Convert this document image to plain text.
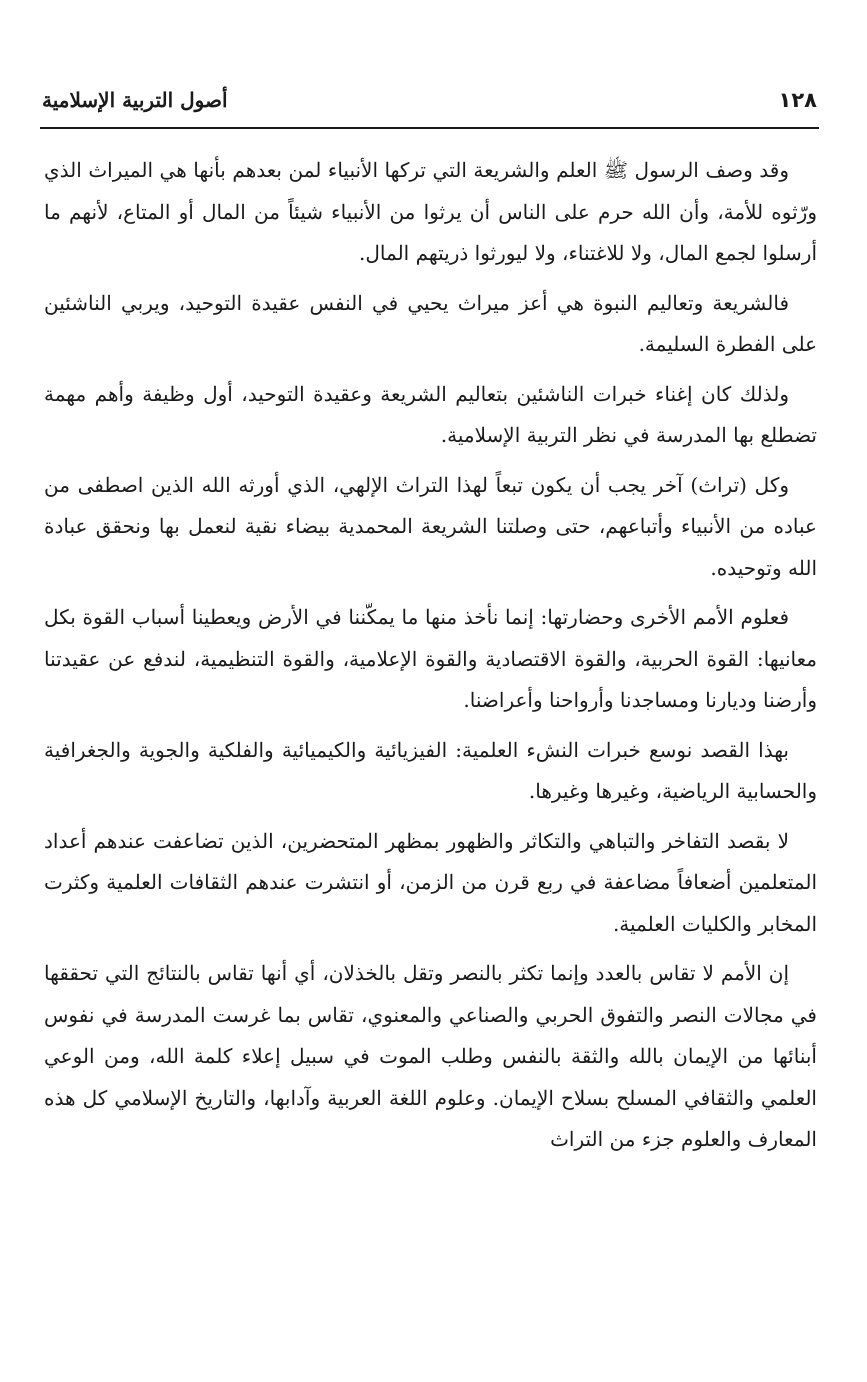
١٢٨
أصول التربية الإسلامية

وقد وصف الرسول ﷺ العلم والشريعة التي تركها الأنبياء لمن بعدهم بأنها هي الميراث الذي ورّثوه للأمة، وأن الله حرم على الناس أن يرثوا من الأنبياء شيئاً من المال أو المتاع، لأنهم ما أرسلوا لجمع المال، ولا للاغتناء، ولا ليورثوا ذريتهم المال.

فالشريعة وتعاليم النبوة هي أعز ميراث يحيي في النفس عقيدة التوحيد، ويربي الناشئين على الفطرة السليمة.

ولذلك كان إغناء خبرات الناشئين بتعاليم الشريعة وعقيدة التوحيد، أول وظيفة وأهم مهمة تضطلع بها المدرسة في نظر التربية الإسلامية.

وكل (تراث) آخر يجب أن يكون تبعاً لهذا التراث الإلهي، الذي أورثه الله الذين اصطفى من عباده من الأنبياء وأتباعهم، حتى وصلتنا الشريعة المحمدية بيضاء نقية لنعمل بها ونحقق عبادة الله وتوحيده.

فعلوم الأمم الأخرى وحضارتها: إنما نأخذ منها ما يمكّننا في الأرض ويعطينا أسباب القوة بكل معانيها: القوة الحربية، والقوة الاقتصادية والقوة الإعلامية، والقوة التنظيمية، لندفع عن عقيدتنا وأرضنا وديارنا ومساجدنا وأرواحنا وأعراضنا.

بهذا القصد نوسع خبرات النشء العلمية: الفيزيائية والكيميائية والفلكية والجوية والجغرافية والحسابية الرياضية، وغيرها وغيرها.

لا بقصد التفاخر والتباهي والتكاثر والظهور بمظهر المتحضرين، الذين تضاعفت عندهم أعداد المتعلمين أضعافاً مضاعفة في ربع قرن من الزمن، أو انتشرت عندهم الثقافات العلمية وكثرت المخابر والكليات العلمية.

إن الأمم لا تقاس بالعدد وإنما تكثر بالنصر وتقل بالخذلان، أي أنها تقاس بالنتائج التي تحققها في مجالات النصر والتفوق الحربي والصناعي والمعنوي، تقاس بما غرست المدرسة في نفوس أبنائها من الإيمان بالله والثقة بالنفس وطلب الموت في سبيل إعلاء كلمة الله، ومن الوعي العلمي والثقافي المسلح بسلاح الإيمان. وعلوم اللغة العربية وآدابها، والتاريخ الإسلامي كل هذه المعارف والعلوم جزء من التراث
